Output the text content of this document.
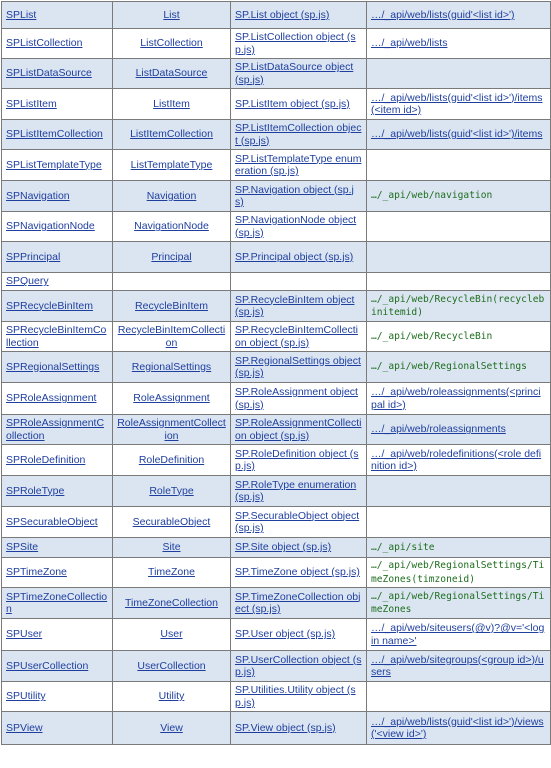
SPList	List	SP.List object (sp.js)	…/_api/web/lists(guid'<list id>')
SPListCollection	ListCollection	SP.ListCollection object (sp.js)	…/_api/web/lists
SPListDataSource	ListDataSource	SP.ListDataSource object (sp.js)	
SPListItem	ListItem	SP.ListItem object (sp.js)	…/_api/web/lists(guid'<list id>')/items(<item id>)
SPListItemCollection	ListItemCollection	SP.ListItemCollection object (sp.js)	…/_api/web/lists(guid'<list id>')/items
SPListTemplateType	ListTemplateType	SP.ListTemplateType enumeration (sp.js)	
SPNavigation	Navigation	SP.Navigation object (sp.js)	…/_api/web/navigation
SPNavigationNode	NavigationNode	SP.NavigationNode object (sp.js)	
SPPrincipal	Principal	SP.Principal object (sp.js)	
SPQuery			
SPRecycleBinItem	RecycleBinItem	SP.RecycleBinItem object (sp.js)	…/_api/web/RecycleBin(recyclebinitemid)
SPRecycleBinItemCollection	RecycleBinItemCollection	SP.RecycleBinItemCollection object (sp.js)	…/_api/web/RecycleBin
SPRegionalSettings	RegionalSettings	SP.RegionalSettings object (sp.js)	…/_api/web/RegionalSettings
SPRoleAssignment	RoleAssignment	SP.RoleAssignment object (sp.js)	…/_api/web/roleassignments(<principal id>)
SPRoleAssignmentCollection	RoleAssignmentCollection	SP.RoleAssignmentCollection object (sp.js)	…/_api/web/roleassignments
SPRoleDefinition	RoleDefinition	SP.RoleDefinition object (sp.js)	…/_api/web/roledefinitions(<role definition id>)
SPRoleType	RoleType	SP.RoleType enumeration (sp.js)	
SPSecurableObject	SecurableObject	SP.SecurableObject object (sp.js)	
SPSite	Site	SP.Site object (sp.js)	…/_api/site
SPTimeZone	TimeZone	SP.TimeZone object (sp.js)	…/_api/web/RegionalSettings/TimeZones(timzoneid)
SPTimeZoneCollection	TimeZoneCollection	SP.TimeZoneCollection object (sp.js)	…/_api/web/RegionalSettings/TimeZones
SPUser	User	SP.User object (sp.js)	…/_api/web/siteusers(@v)?@v='<login name>'
SPUserCollection	UserCollection	SP.UserCollection object (sp.js)	…/_api/web/sitegroups(<group id>)/users
SPUtility	Utility	SP.Utilities.Utility object (sp.js)	
SPView	View	SP.View object (sp.js)	…/_api/web/lists(guid'<list id>')/views('<view id>')
